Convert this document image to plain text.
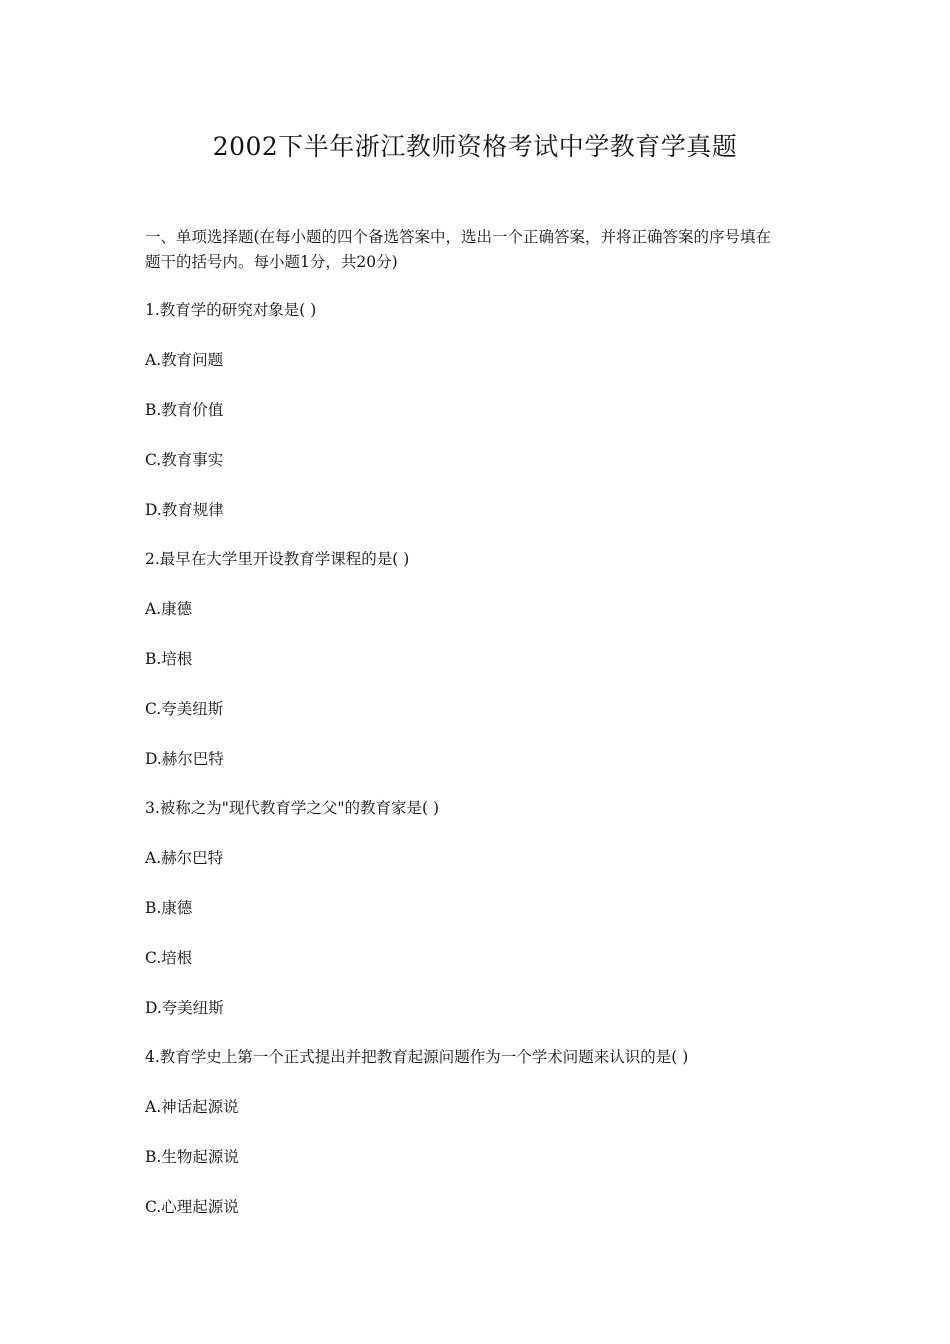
2002下半年浙江教师资格考试中学教育学真题
一、单项选择题(在每小题的四个备选答案中，选出一个正确答案，并将正确答案的序号填在
题干的括号内。每小题1分，共20分)
1.教育学的研究对象是( )
A.教育问题
B.教育价值
C.教育事实
D.教育规律
2.最早在大学里开设教育学课程的是( )
A.康德
B.培根
C.夸美纽斯
D.赫尔巴特
3.被称之为"现代教育学之父"的教育家是( )
A.赫尔巴特
B.康德
C.培根
D.夸美纽斯
4.教育学史上第一个正式提出并把教育起源问题作为一个学术问题来认识的是( )
A.神话起源说
B.生物起源说
C.心理起源说
